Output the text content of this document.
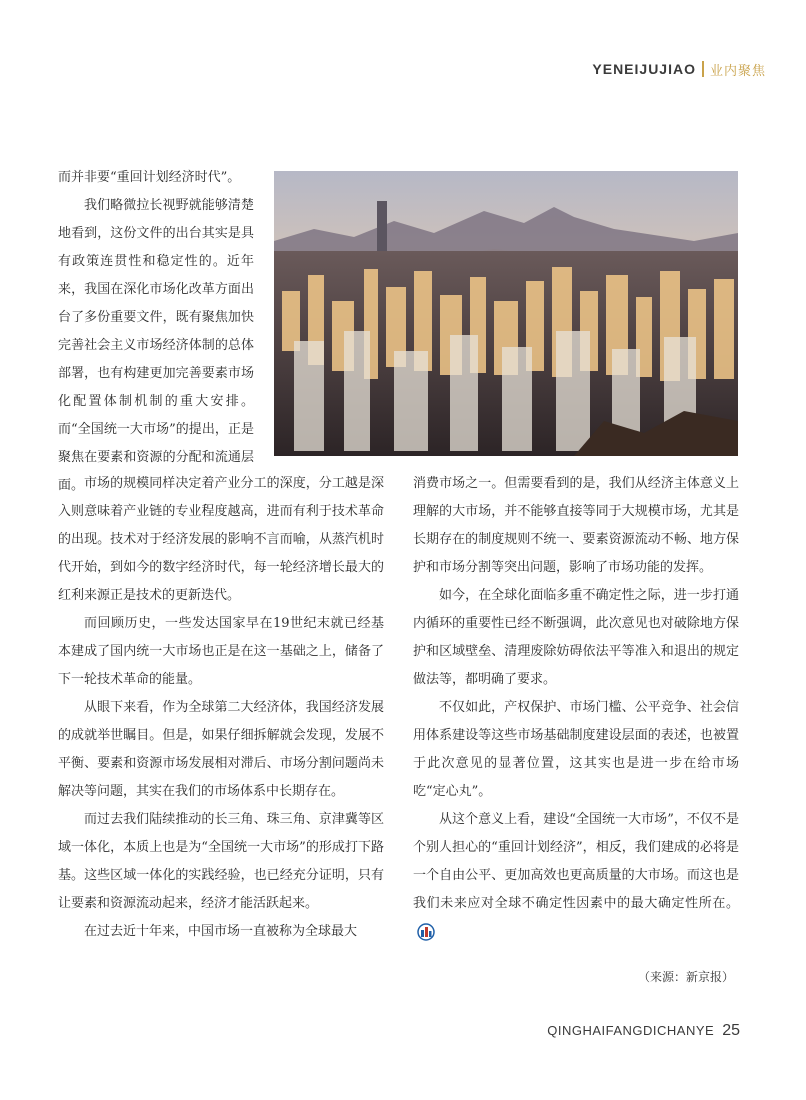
YENEIJUJIAO 业内聚焦

而并非要“重回计划经济时代”。

我们略微拉长视野就能够清楚地看到，这份文件的出台其实是具有政策连贯性和稳定性的。近年来，我国在深化市场化改革方面出台了多份重要文件，既有聚焦加快完善社会主义市场经济体制的总体部署，也有构建更加完善要素市场化配置体制机制的重大安排。而“全国统一大市场”的提出，正是聚焦在要素和资源的分配和流通层面。 市场的规模同样决定着产业分工的深度，分工越是深入则意味着产业链的专业程度越高，进而有利于技术革命的出现。技术对于经济发展的影响不言而喻，从蒸汽机时代开始，到如今的数字经济时代，每一轮经济增长最大的红利来源正是技术的更新迭代。

而回顾历史，一些发达国家早在19世纪末就已经基本建成了国内统一大市场也正是在这一基础之上，储备了下一轮技术革命的能量。

从眼下来看，作为全球第二大经济体，我国经济发展的成就举世瞩目。但是，如果仔细拆解就会发现，发展不平衡、要素和资源市场发展相对滞后、市场分割问题尚未解决等问题，其实在我们的市场体系中长期存在。

而过去我们陆续推动的长三角、珠三角、京津冀等区域一体化，本质上也是为“全国统一大市场”的形成打下路基。这些区域一体化的实践经验，也已经充分证明，只有让要素和资源流动起来，经济才能活跃起来。

在过去近十年来，中国市场一直被称为全球最大

消费市场之一。但需要看到的是，我们从经济主体意义上理解的大市场，并不能够直接等同于大规模市场，尤其是长期存在的制度规则不统一、要素资源流动不畅、地方保护和市场分割等突出问题，影响了市场功能的发挥。

如今，在全球化面临多重不确定性之际，进一步打通内循环的重要性已经不断强调，此次意见也对破除地方保护和区域壁垒、清理废除妨碍依法平等准入和退出的规定做法等，都明确了要求。

不仅如此，产权保护、市场门槛、公平竞争、社会信用体系建设等这些市场基础制度建设层面的表述，也被置于此次意见的显著位置，这其实也是进一步在给市场吃“定心丸”。

从这个意义上看，建设“全国统一大市场”，不仅不是个别人担心的“重回计划经济”，相反，我们建成的必将是一个自由公平、更加高效也更高质量的大市场。而这也是我们未来应对全球不确定性因素中的最大确定性所在。

（来源：新京报）
QINGHAIFANGDICHANYE 25
